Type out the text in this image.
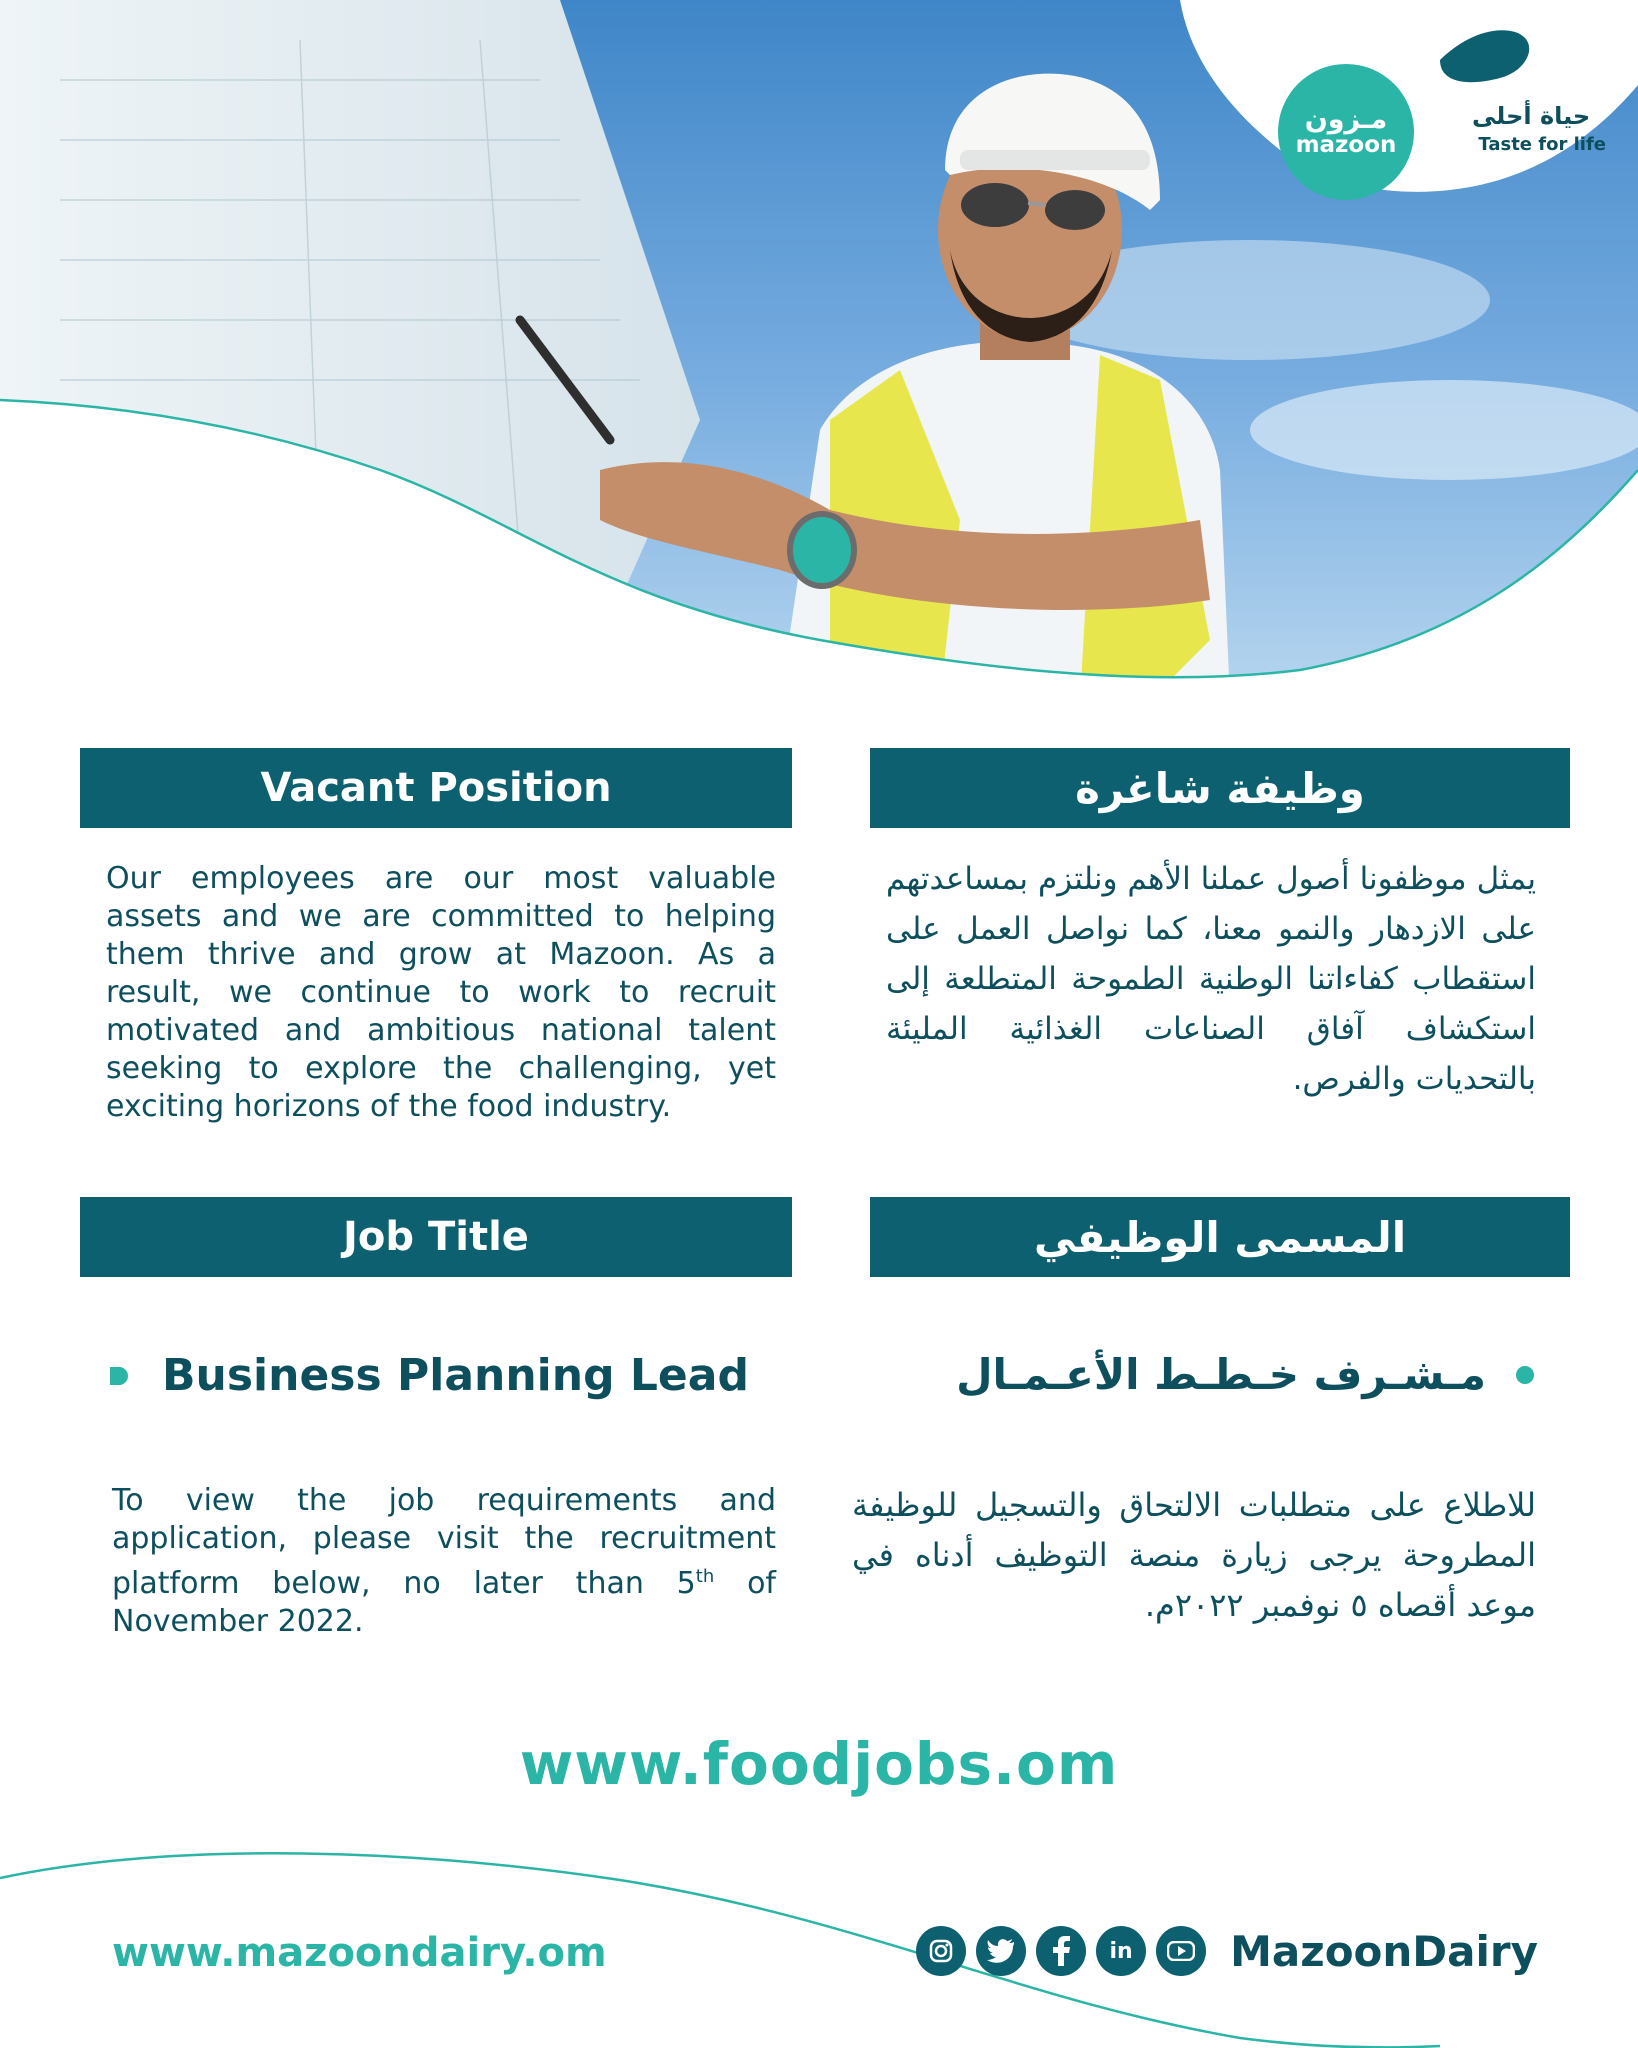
مـزون
mazoon
حياة أحلى
Taste for life
Vacant Position	وظيفة شاغرة

Our employees are our most valuable assets and we are committed to helping them thrive and grow at Mazoon. As a result, we continue to work to recruit motivated and ambitious national talent seeking to explore the challenging, yet exciting horizons of the food industry.

يمثل موظفونا أصول عملنا الأهم ونلتزم بمساعدتهم على الازدهار والنمو معنا، كما نواصل العمل على استقطاب كفاءاتنا الوطنية الطموحة المتطلعة إلى استكشاف آفاق الصناعات الغذائية المليئة بالتحديات والفرص.

Job Title	المسمى الوظيفي
Business Planning Lead	مـشـرف خـطـط الأعـمـال

To view the job requirements and application, please visit the recruitment platform below, no later than 5th of November 2022.

للاطلاع على متطلبات الالتحاق والتسجيل للوظيفة المطروحة يرجى زيارة منصة التوظيف أدناه في موعد أقصاه ٥ نوفمبر ٢٠٢٢م.

www.foodjobs.om
www.mazoondairy.om	in	MazoonDairy
